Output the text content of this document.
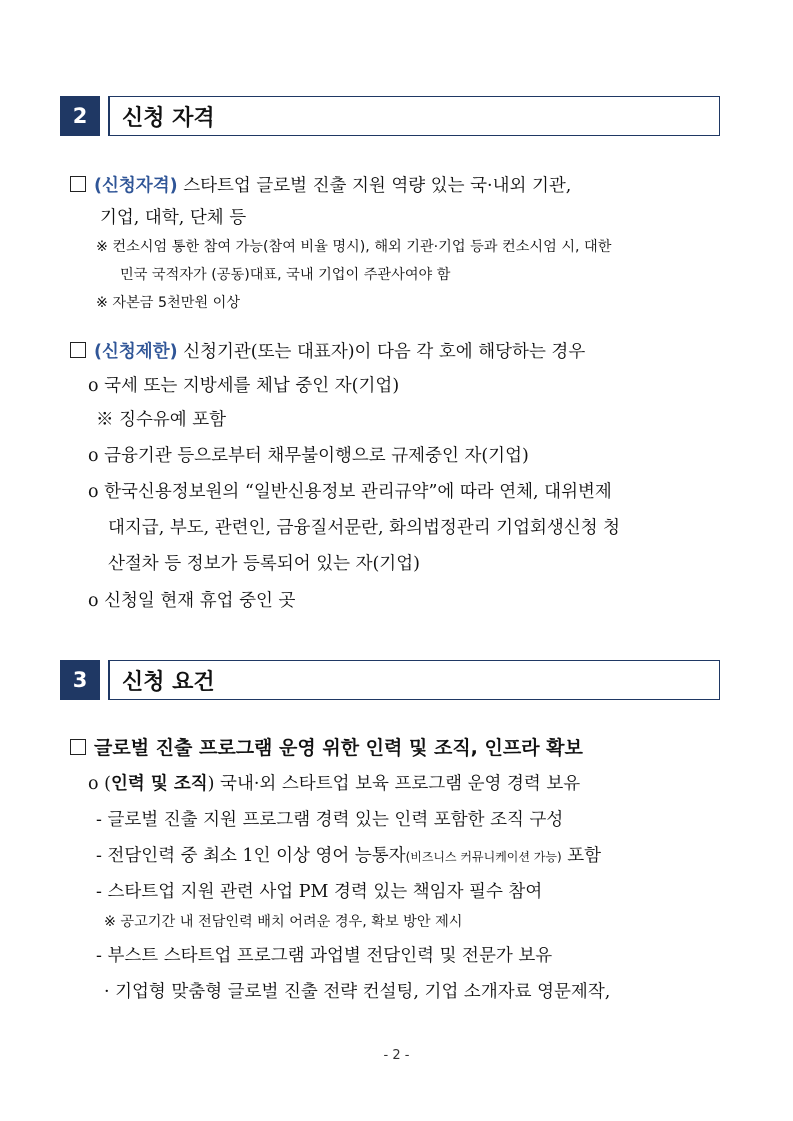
2	신청 자격
(신청자격) 스타트업 글로벌 진출 지원 역량 있는 국·내외 기관,
기업, 대학, 단체 등
※ 컨소시엄 통한 참여 가능(참여 비율 명시), 해외 기관·기업 등과 컨소시엄 시, 대한
민국 국적자가 (공동)대표, 국내 기업이 주관사여야 함
※ 자본금 5천만원 이상
(신청제한) 신청기관(또는 대표자)이 다음 각 호에 해당하는 경우
o 국세 또는 지방세를 체납 중인 자(기업)
※ 징수유예 포함
o 금융기관 등으로부터 채무불이행으로 규제중인 자(기업)
o 한국신용정보원의 “일반신용정보 관리규약”에 따라 연체, 대위변제
대지급, 부도, 관련인, 금융질서문란, 화의법정관리 기업회생신청 청
산절차 등 정보가 등록되어 있는 자(기업)
o 신청일 현재 휴업 중인 곳
3	신청 요건
글로벌 진출 프로그램 운영 위한 인력 및 조직, 인프라 확보
o (인력 및 조직) 국내·외 스타트업 보육 프로그램 운영 경력 보유
- 글로벌 진출 지원 프로그램 경력 있는 인력 포함한 조직 구성
- 전담인력 중 최소 1인 이상 영어 능통자(비즈니스 커뮤니케이션 가능) 포함
- 스타트업 지원 관련 사업 PM 경력 있는 책임자 필수 참여
※ 공고기간 내 전담인력 배치 어려운 경우, 확보 방안 제시
- 부스트 스타트업 프로그램 과업별 전담인력 및 전문가 보유
· 기업형 맞춤형 글로벌 진출 전략 컨설팅, 기업 소개자료 영문제작,
- 2 -
